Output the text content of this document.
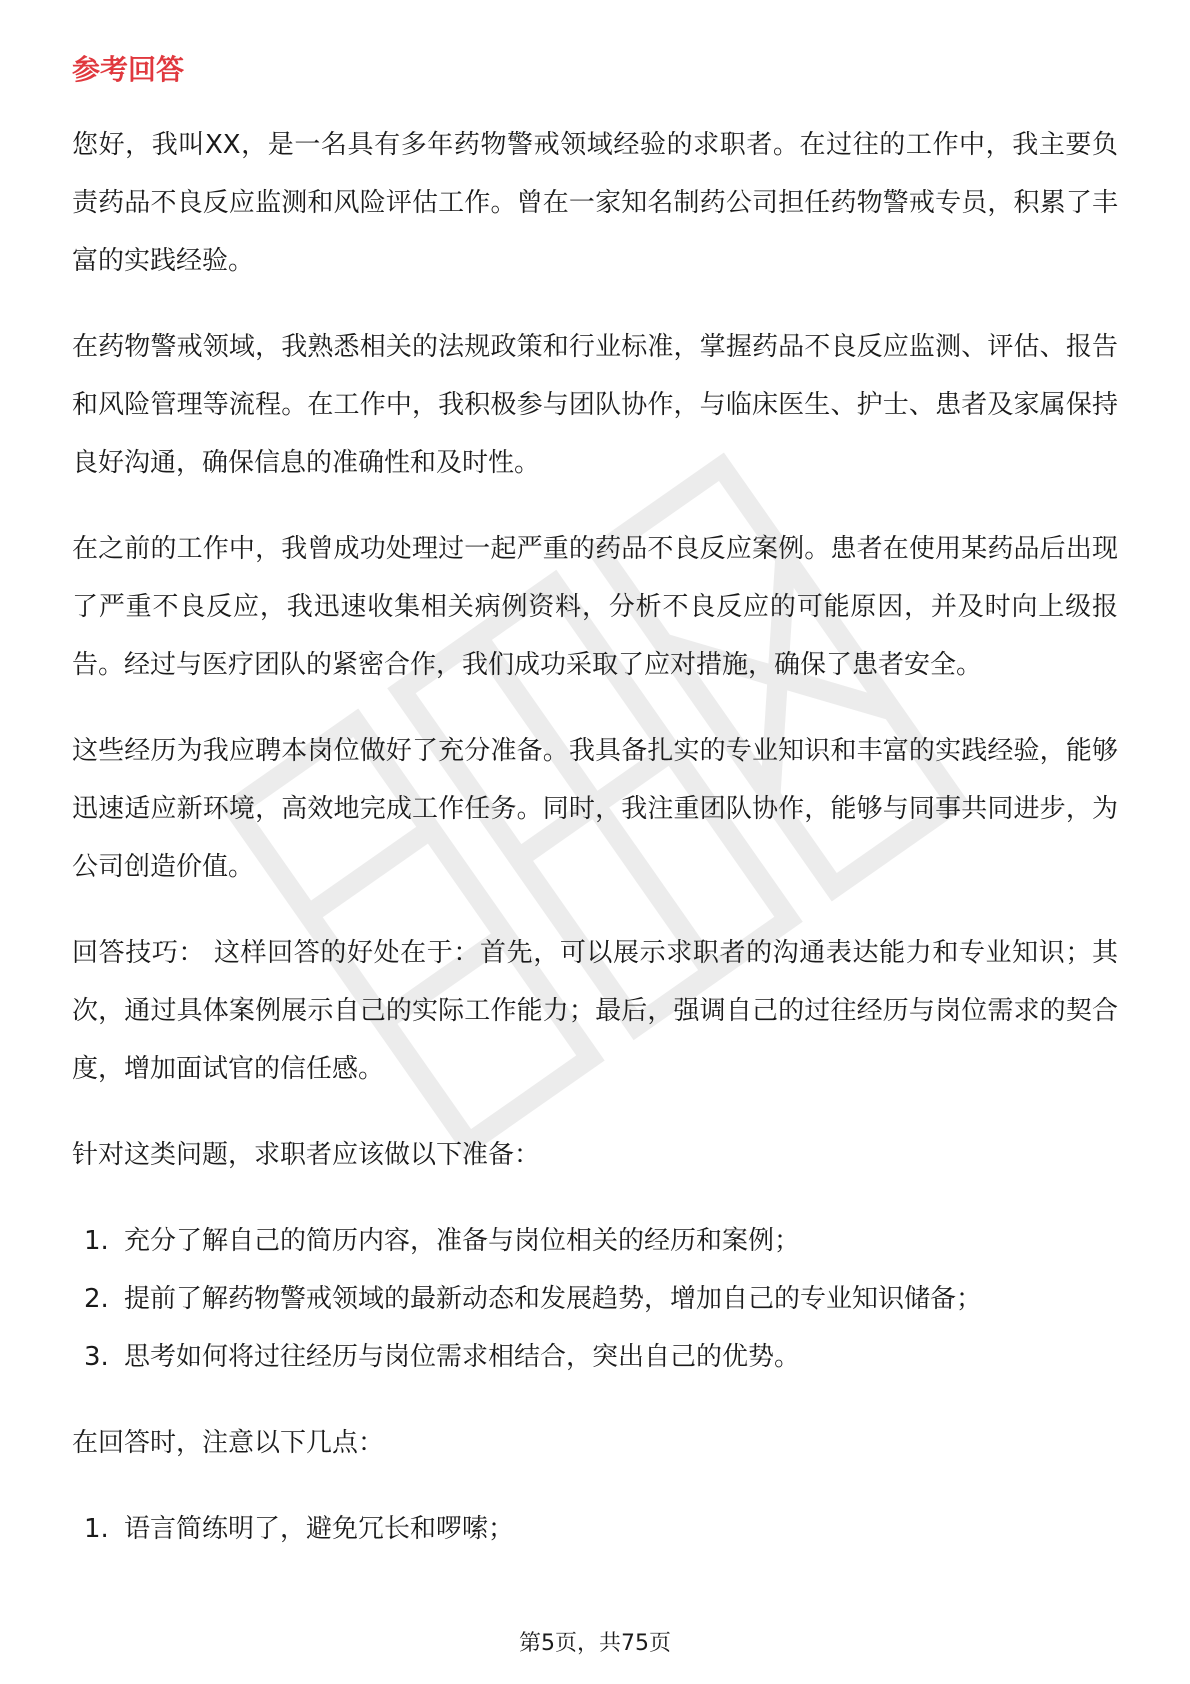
参考回答

您好，我叫XX，是一名具有多年药物警戒领域经验的求职者。在过往的工作中，我主要负责药品不良反应监测和风险评估工作。曾在一家知名制药公司担任药物警戒专员，积累了丰富的实践经验。

在药物警戒领域，我熟悉相关的法规政策和行业标准，掌握药品不良反应监测、评估、报告和风险管理等流程。在工作中，我积极参与团队协作，与临床医生、护士、患者及家属保持良好沟通，确保信息的准确性和及时性。

在之前的工作中，我曾成功处理过一起严重的药品不良反应案例。患者在使用某药品后出现了严重不良反应，我迅速收集相关病例资料，分析不良反应的可能原因，并及时向上级报告。经过与医疗团队的紧密合作，我们成功采取了应对措施，确保了患者安全。

这些经历为我应聘本岗位做好了充分准备。我具备扎实的专业知识和丰富的实践经验，能够迅速适应新环境，高效地完成工作任务。同时，我注重团队协作，能够与同事共同进步，为公司创造价值。

回答技巧： 这样回答的好处在于：首先，可以展示求职者的沟通表达能力和专业知识；其次，通过具体案例展示自己的实际工作能力；最后，强调自己的过往经历与岗位需求的契合度，增加面试官的信任感。

针对这类问题，求职者应该做以下准备：

1. 充分了解自己的简历内容，准备与岗位相关的经历和案例；
2. 提前了解药物警戒领域的最新动态和发展趋势，增加自己的专业知识储备；
3. 思考如何将过往经历与岗位需求相结合，突出自己的优势。

在回答时，注意以下几点：

1. 语言简练明了，避免冗长和啰嗦；
第5页，共75页
